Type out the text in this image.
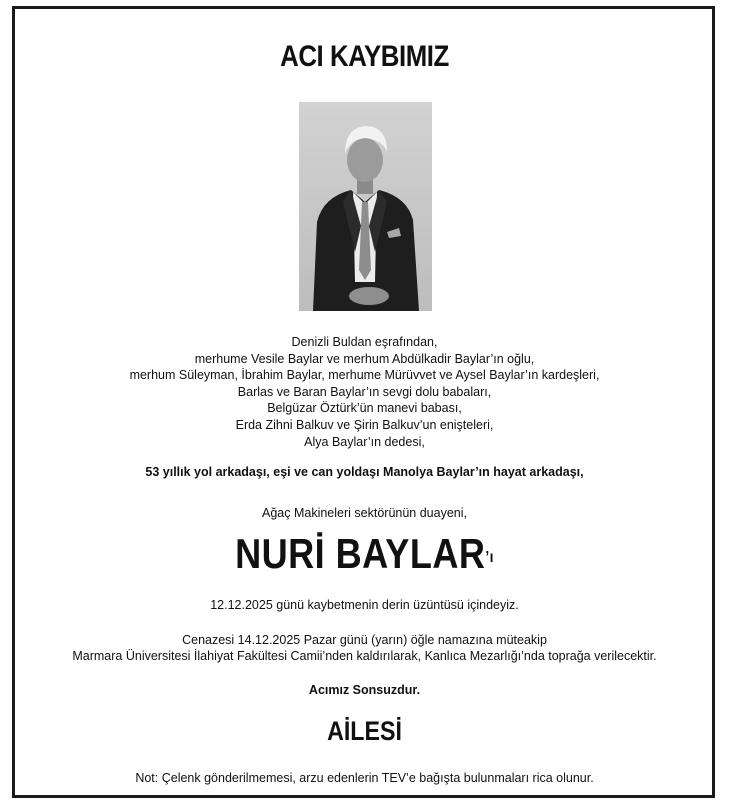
ACI KAYBIMIZ
Denizli Buldan eşrafından,
merhume Vesile Baylar ve merhum Abdülkadir Baylar’ın oğlu,
merhum Süleyman, İbrahim Baylar, merhume Mürüvvet ve Aysel Baylar’ın kardeşleri,
Barlas ve Baran Baylar’ın sevgi dolu babaları,
Belgüzar Öztürk’ün manevi babası,
Erda Zihni Balkuv ve Şirin Balkuv’un enişteleri,
Alya Baylar’ın dedesi,
53 yıllık yol arkadaşı, eşi ve can yoldaşı Manolya Baylar’ın hayat arkadaşı,
Ağaç Makineleri sektörünün duayeni,
NURİ BAYLAR’ı
12.12.2025 günü kaybetmenin derin üzüntüsü içindeyiz.
Cenazesi 14.12.2025 Pazar günü (yarın) öğle namazına müteakip
Marmara Üniversitesi İlahiyat Fakültesi Camii’nden kaldırılarak, Kanlıca Mezarlığı’nda toprağa verilecektir.
Acımız Sonsuzdur.
AİLESİ
Not: Çelenk gönderilmemesi, arzu edenlerin TEV’e bağışta bulunmaları rica olunur.
